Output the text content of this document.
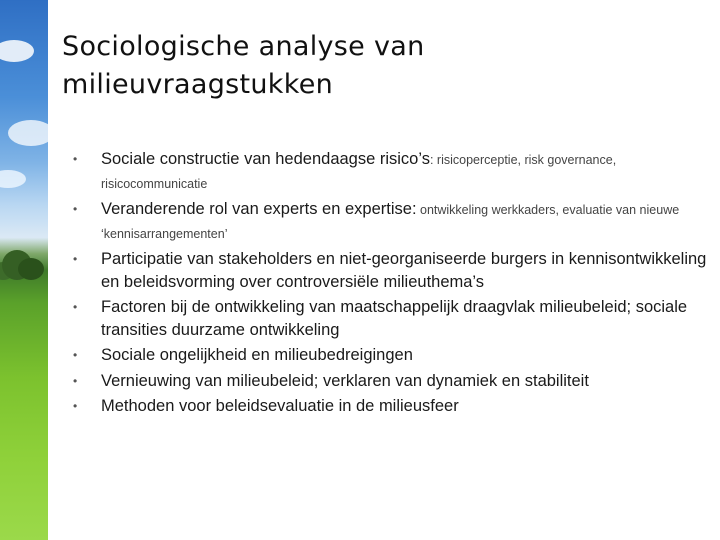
Sociologische analyse van
milieuvraagstukken
• Sociale constructie van hedendaagse risico’s: risicoperceptie, risk governance, risicocommunicatie
• Veranderende rol van experts en expertise: ontwikkeling werkkaders, evaluatie van nieuwe ‘kennisarrangementen’
• Participatie van stakeholders en niet-georganiseerde burgers in kennisontwikkeling en beleidsvorming over controversiële milieuthema’s
• Factoren bij de ontwikkeling van maatschappelijk draagvlak milieubeleid; sociale transities duurzame ontwikkeling
• Sociale ongelijkheid en milieubedreigingen
• Vernieuwing van milieubeleid; verklaren van dynamiek en stabiliteit
• Methoden voor beleidsevaluatie in de milieusfeer
